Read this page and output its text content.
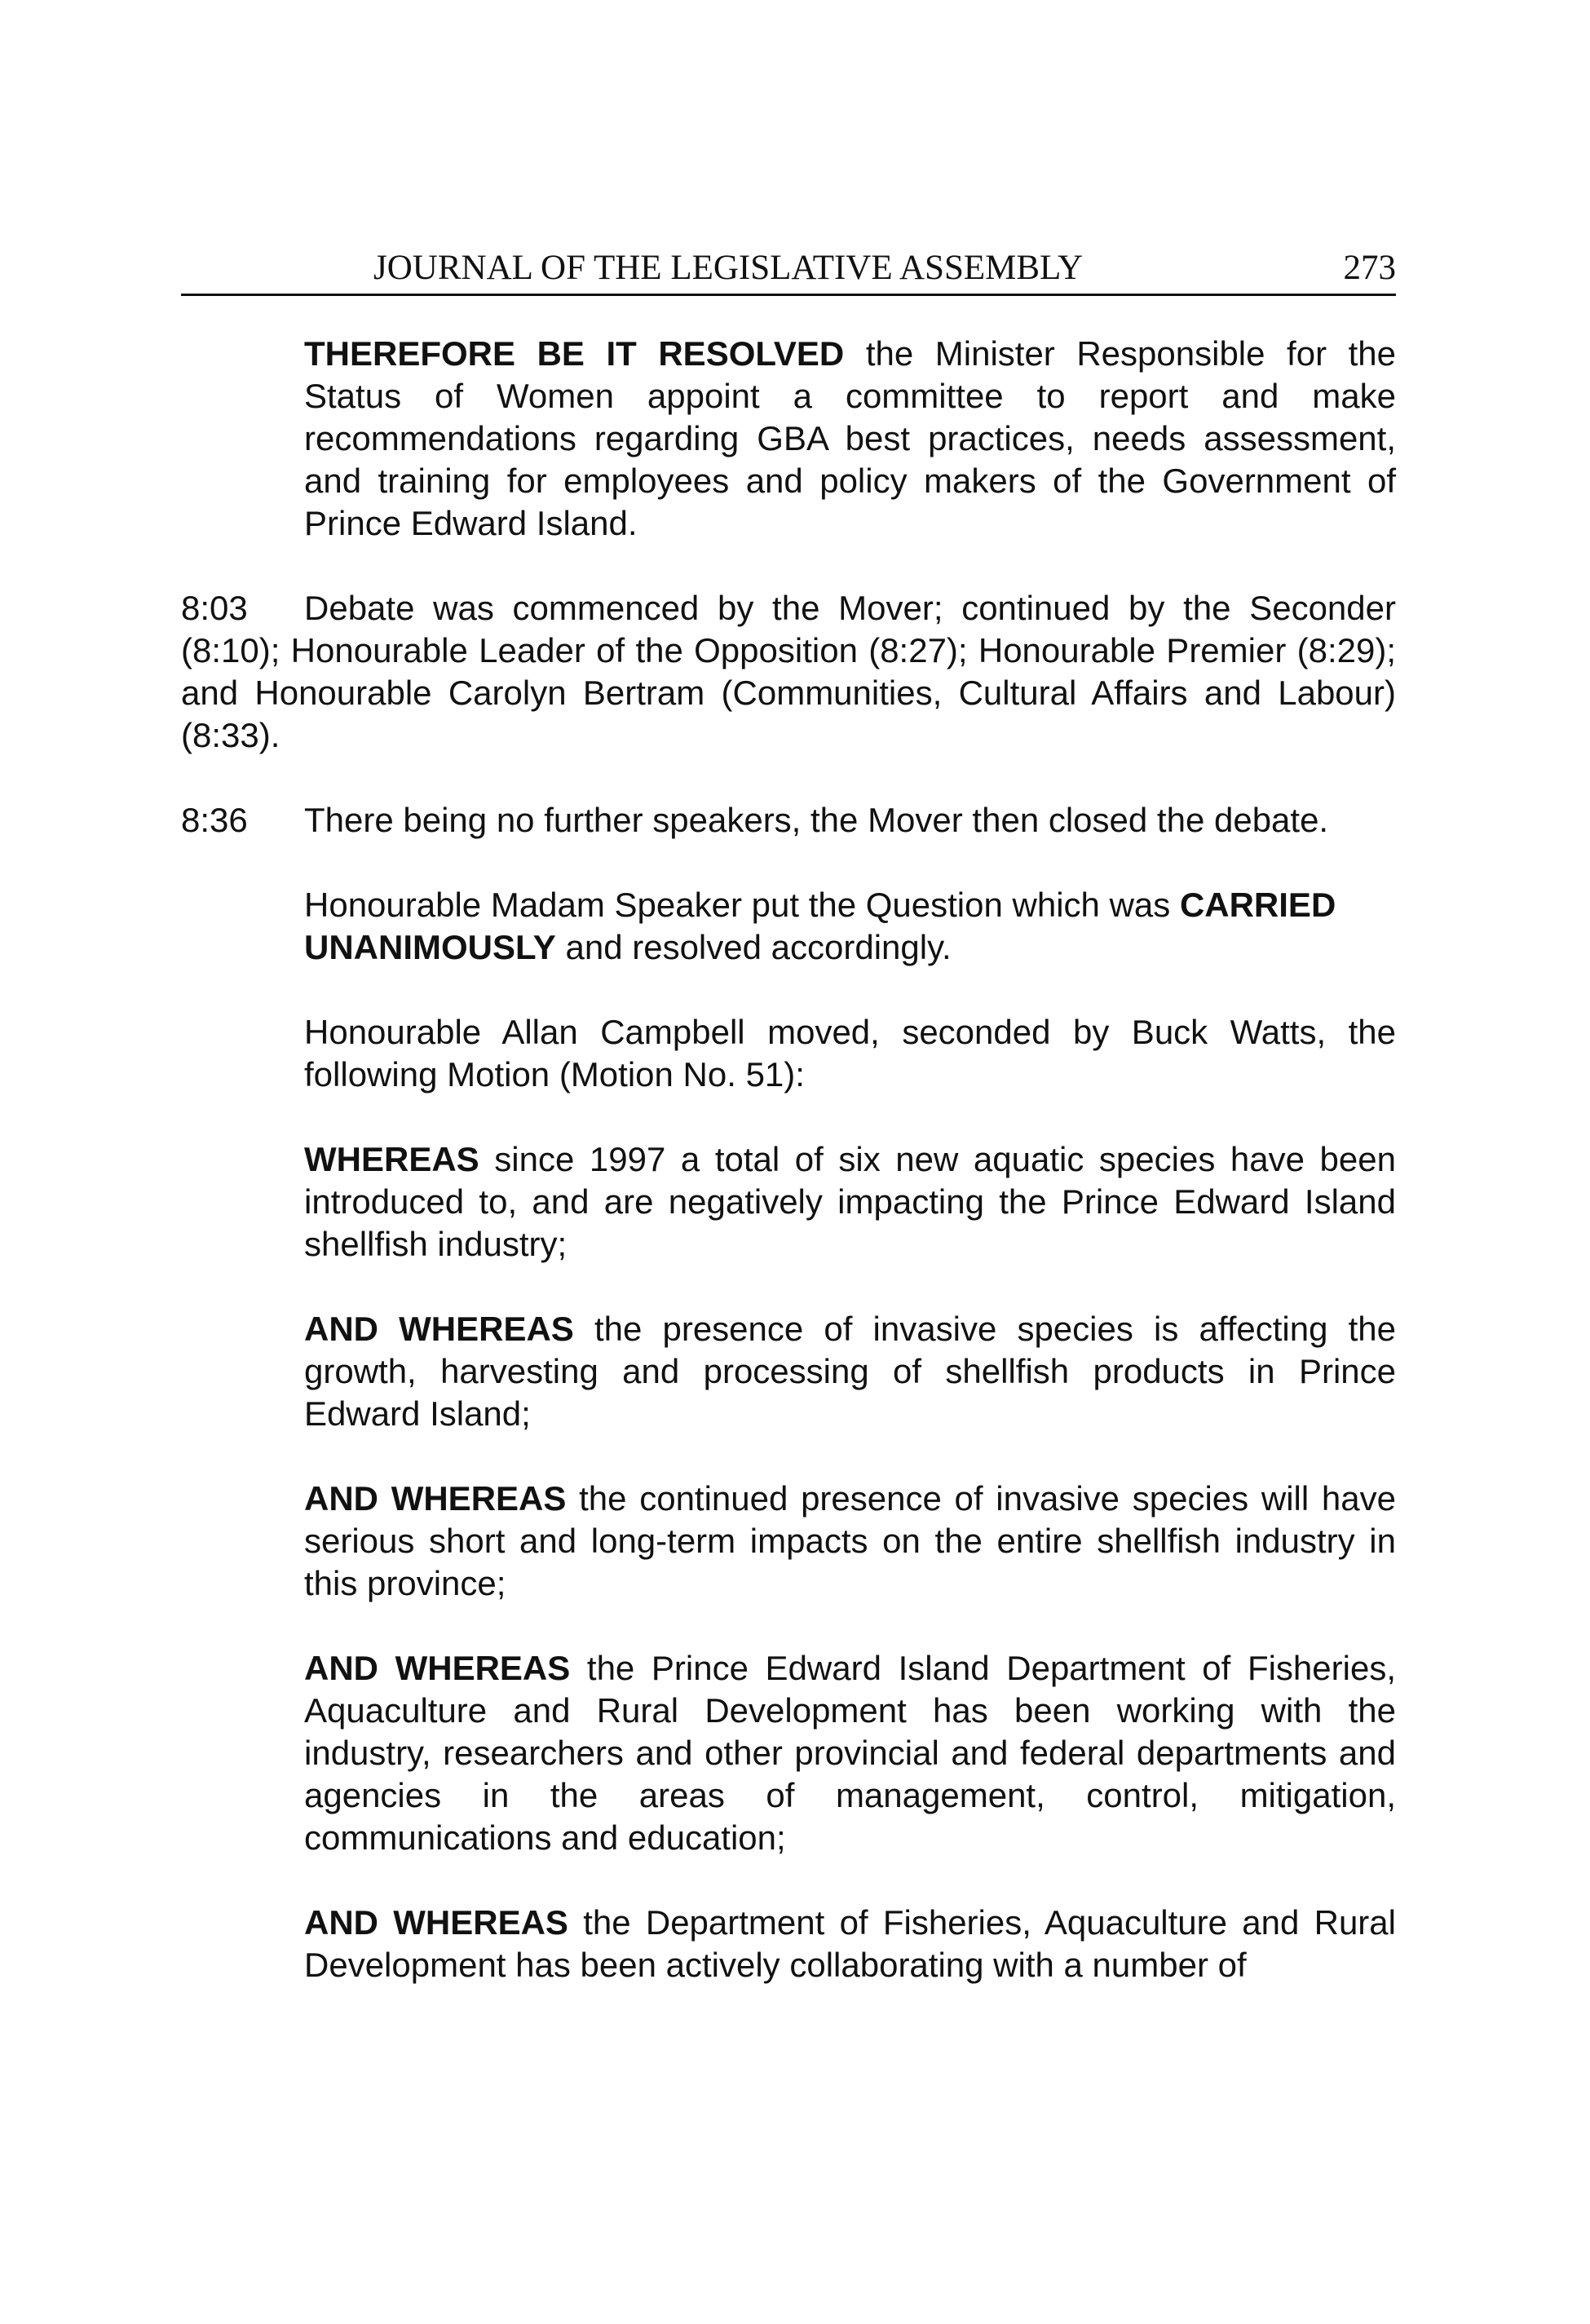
JOURNAL OF THE LEGISLATIVE ASSEMBLY	273

THEREFORE BE IT RESOLVED the Minister Responsible for the Status of Women appoint a committee to report and make recommendations regarding GBA best practices, needs assessment, and training for employees and policy makers of the Government of Prince Edward Island.

8:03 Debate was commenced by the Mover; continued by the Seconder (8:10); Honourable Leader of the Opposition (8:27); Honourable Premier (8:29); and Honourable Carolyn Bertram (Communities, Cultural Affairs and Labour) (8:33).

8:36 There being no further speakers, the Mover then closed the debate.

Honourable Madam Speaker put the Question which was CARRIED UNANIMOUSLY and resolved accordingly.

Honourable Allan Campbell moved, seconded by Buck Watts, the following Motion (Motion No. 51):

WHEREAS since 1997 a total of six new aquatic species have been introduced to, and are negatively impacting the Prince Edward Island shellfish industry;

AND WHEREAS the presence of invasive species is affecting the growth, harvesting and processing of shellfish products in Prince Edward Island;

AND WHEREAS the continued presence of invasive species will have serious short and long-term impacts on the entire shellfish industry in this province;

AND WHEREAS the Prince Edward Island Department of Fisheries, Aquaculture and Rural Development has been working with the industry, researchers and other provincial and federal departments and agencies in the areas of management, control, mitigation, communications and education;

AND WHEREAS the Department of Fisheries, Aquaculture and Rural Development has been actively collaborating with a number of
